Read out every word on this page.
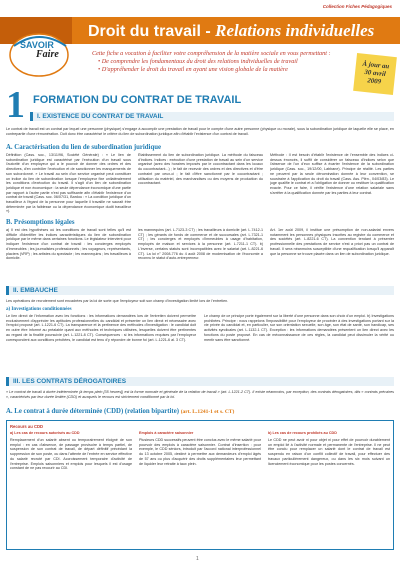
Collection Fiches Pédagogiques
Droit du travail - Relations individuelles
SAVOIR
Faire	Cette fiche a vocation à faciliter votre compréhension de la matière sociale en vous permettant :
• De comprendre les fondamentaux du droit des relations individuelles de travail
• D'appréhender le droit du travail en ayant une vision globale de la matière	À jour au
30 avril
2009
1 FORMATION DU CONTRAT DE TRAVAIL
I. EXISTENCE DU CONTRAT DE TRAVAIL
Le contrat de travail est un contrat par lequel une personne (physique) s'engage à accomplir une prestation de travail pour le compte d'une autre personne (physique ou morale), sous la subordination juridique de laquelle elle se place, en contrepartie d'une rémunération. Doit donc être caractérisé le critère du lien de subordination juridique afin d'établir l'existence d'un contrat de travail.
A. Caractérisation du lien de subordination juridique
Définition (Cass. soc., 13/11/96, Société Générale) : « Le lien de subordination juridique est caractérisé par l'exécution d'un travail sous l'autorité d'un employeur qui a le pouvoir de donner des ordres et des directives, d'en contrôler l'exécution et de sanctionner les manquements de son subordonné. » Le travail au sein d'un service organisé peut constituer un indice du lien de subordination lorsque l'employeur fixe unilatéralement les conditions d'exécution du travail. Il s'agit d'un lien de subordination juridique et non économique : la seule dépendance économique d'une partie par rapport à l'autre partie n'est pas suffisante afin d'établir l'existence d'un contrat de travail (Cass. soc. 06/07/31, Bardou : « La condition juridique d'un travailleur à l'égard de la personne pour laquelle il travaille ne saurait être déterminée par la faiblesse ou la dépendance économique dudit travailleur »).
Établissement du lien de subordination juridique. La méthode du faisceau d'indices. Indices : exécution d'une prestation de travail au sein d'un service organisé (avec des horaires imposés par le cocontractant dans les locaux du cocontractant...) ; le fait de recevoir des ordres et des directives et d'être contraint par ceux-ci ; le fait d'être sanctionné par le cocontractant ; utilisation du matériel, des marchandises ou des moyens de production du cocontractant.
Méthode : Il est besoin d'établir l'existence de l'ensemble des indices ci-dessus énoncés, il suffit de considérer un faisceau d'indices selon que l'absence de l'un d'eux suffise à écarter l'existence de la subordination juridique (Cass. soc., 19/12/00, Labbane). Principe de réalité. Les parties ne peuvent par la seule dénomination donnée à leur convention, se soustraire à l'application du droit du travail (Cass. Ass. Plén., 04/03/83). Le juge qualifie le contrat et a l'obligation de donner ou restituer la qualification exacte. Pour ce faire, il vérifie l'existence d'une relation salariale sans s'arrêter à la qualification donnée par les parties à leur contrat.
B. Présomptions légales
a) Il est des hypothèses où les conditions de travail sont telles qu'il est difficile d'identifier les indices caractéristiques du lien de subordination juridique par le même dans certaines fonctions. Le législateur intervient pour indiquer l'existence d'un contrat de travail : les concierges employés d'immeubles ; les journalistes professionnels ; les voyageurs, représentants, placiers (VRP) ; les artistes du spectacle ; les mannequins ; les travailleurs à domicile.
les mannequins (art. L.7123-3 CT) ; les travailleurs à domicile (art. L.7412-1 CT) ; les gérants de fonds de commerce et de succursales (art. L.7321-1 CT) ; les concierges et employés d'immeubles à usage d'habitation, employés de maison et services à la personne (art. L.7211-1 CT). b) L'inverse, certains statuts sont incompatibles avec le salariat (art. L.8221-6 CT). La loi n° 2008-776 du 4 août 2008 de modernisation de l'économie a reconnu le statut d'auto-entrepreneur.
Art. 1er août 2009, il institue une présomption de non-salariat envers notamment les personnes physiques inscrites au registre du commerce et des sociétés (art. L.8221-6 CT). La convention tendant à présenter professionnelle des prestations de service n'est a priori pas un contrat de travail. Il sera néanmoins susceptible d'une requalification lorsqu'il apparaît que la personne se trouve placée dans un lien de subordination juridique.
II. EMBAUCHE
Les opérations de recrutement sont encadrées par la loi de sorte que l'employeur soit son champ d'investigation limité lors de l'entretien.
a) Investigations conditionnées
Le lien direct de l'information avec les fonctions : les informations demandées lors de l'entretien doivent permettre exclusivement d'apprécier les aptitudes professionnelles du candidat et présenter un lien direct et nécessaire avec l'emploi proposé (art. L.1221-6 CT). La transparence et la pertinence des méthodes d'investigation : le candidat doit en outre être informé au préalable quant aux méthodes et techniques utilisées, lesquelles doivent être pertinentes au regard de la finalité poursuivie (art. L.1221-8 CT). Conséquences : si les informations requises par l'employeur correspondent aux conditions précitées, le candidat est tenu d'y répondre de bonne foi (art. L.1221-6 al. 3 CT).
Le champ de ce principe porte également sur la liberté d'une personne dans son choix d'un emploi. b) Investigations prohibées. Principe : nous rappelons l'impossibilité pour l'employeur de procéder à des investigations portant sur la vie privée du candidat et, en particulier, sur son orientation sexuelle, son âge, son état de santé, son handicap, ses activités syndicales (art. L.1132-1 CT). Exception : les informations demandées présentent un lien direct avec les fonctions du poste proposé. En cas de méconnaissance de ces règles, la candidat peut dissimuler la vérité ou mentir sans être sanctionné.
III. LES CONTRATS DÉROGATOIRES
« Le contrat de travail à durée indéterminée (à temps plein [35 heures]) est la forme normale et générale de la relation de travail » (art. L.1221-2 CT). Il existe néanmoins, par exception, des contrats dérogatoires, dits « contrats précaires », caractérisés par leur durée limitée (CDD) et auxquels le recours est strictement conditionné par la loi.
A. Le contrat à durée déterminée (CDD) (relation bipartite) (art. L.1241-1 et s. CT)
Recours au CDD
a) Les cas de recours autorisés au CDD
Remplacement d'un salarié absent ou temporairement éloigné de son emploi : en cas d'absence, de passage provisoire à temps partiel, de suspension de son contrat de travail, de départ définitif précédant la suppression de son poste, ou dans l'attente de l'entrée en service effective du salarié recruté par CDI. Accroissement temporaire d'activité de l'entreprise. Emplois saisonniers et emplois pour lesquels il est d'usage constant de ne pas recourir au CDI.
Emplois à caractère saisonnier
Plusieurs CDD successifs peuvent être conclus avec le même salarié pour pourvoir des emplois à caractère saisonnier. Contrat d'insertion : pour exemple, le CDD séniors, introduit par l'accord national interprofessionnel du 13 octobre 2005, destiné à permettre aux demandeurs d'emploi âgés de 57 ans ou plus d'acquérir des droits supplémentaires leur permettant de liquider leur retraite à taux plein.
b) Les cas de recours prohibés au CDD
Le CDD ne peut avoir ni pour objet ni pour effet de pourvoir durablement un emploi lié à l'activité normale et permanente de l'entreprise. Il ne peut être conclu pour remplacer un salarié dont le contrat de travail est suspendu en raison d'un conflit collectif de travail, pour effectuer des travaux particulièrement dangereux, ou dans les six mois suivant un licenciement économique pour les postes concernés.
1
